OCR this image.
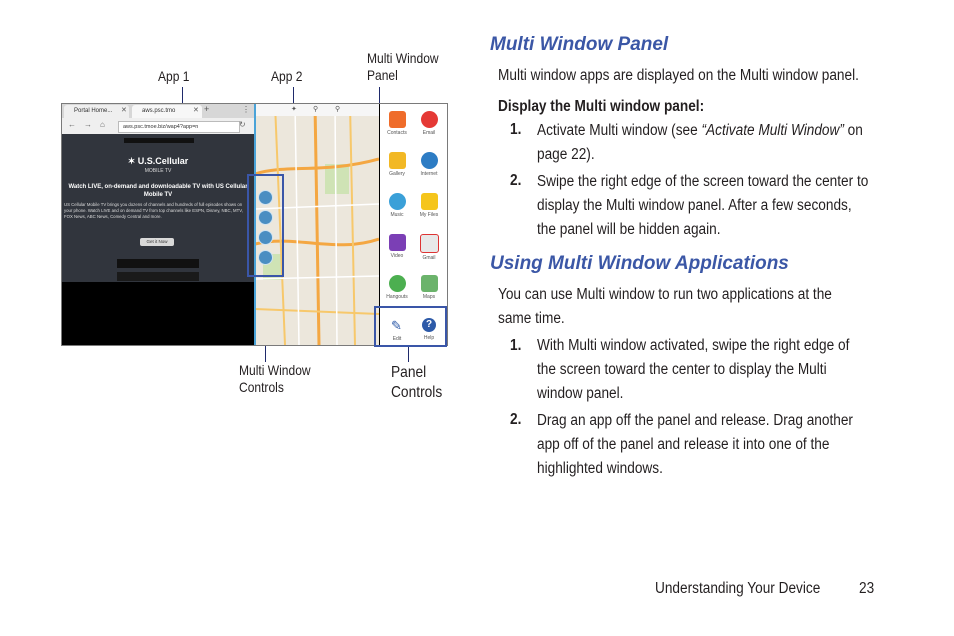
App 1	App 2
Multi Window
Panel
Multi Window
Controls
Panel
Controls
Portal Home...	aws.psc.tmo
✕	✕ +	⋮
← → ⌂	aws.psc.tmoe.biz/wap4?app=n	↻
✶ U.S.Cellular
MOBILE TV
Watch LIVE, on-demand and downloadable TV with US Cellular Mobile TV
US Cellular Mobile TV brings you dozens of channels and hundreds of full episodes shows on your phone. Watch LIVE and on demand TV from top channels like ESPN, Disney, NBC, MTV, FOX News, ABC News, Comedy Central and more.
Get it Now
✦ ⚲ ⚲
Contacts	Email
Gallery	Internet
Music	My Files
Video	Gmail
Hangouts	Maps
✎
Edit
?
Help
Multi Window Panel
Multi window apps are displayed on the Multi window panel.
Display the Multi window panel:
1. Activate Multi window (see “Activate Multi Window” on
page 22).
2. Swipe the right edge of the screen toward the center to
display the Multi window panel. After a few seconds,
the panel will be hidden again.
Using Multi Window Applications
You can use Multi window to run two applications at the
same time.
1. With Multi window activated, swipe the right edge of
the screen toward the center to display the Multi
window panel.
2. Drag an app off the panel and release. Drag another
app off of the panel and release it into one of the
highlighted windows.
Understanding Your Device 23
